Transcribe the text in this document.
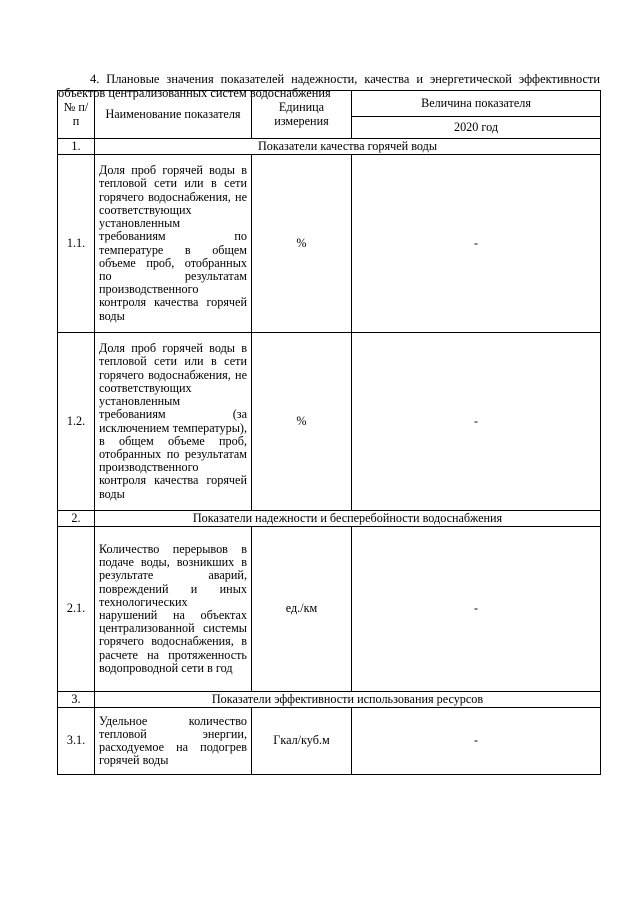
4. Плановые значения показателей надежности, качества и энергетической эффективности объектов централизованных систем водоснабжения

№ п/п	Наименование показателя	Единица измерения	Величина показателя
			2020 год
1.	Показатели качества горячей воды		
1.1.	Доля проб горячей воды в тепловой сети или в сети горячего водоснабжения, не соответствующих установленным требованиям по температуре в общем объеме проб, отобранных по результатам производственного контроля качества горячей воды	%	-
1.2.	Доля проб горячей воды в тепловой сети или в сети горячего водоснабжения, не соответствующих установленным требованиям (за исключением температуры), в общем объеме проб, отобранных по результатам производственного контроля качества горячей воды	%	-
2.	Показатели надежности и бесперебойности водоснабжения		
2.1.	Количество перерывов в подаче воды, возникших в результате аварий, повреждений и иных технологических нарушений на объектах централизованной системы горячего водоснабжения, в расчете на протяженность водопроводной сети в год	ед./км	-
3.	Показатели эффективности использования ресурсов		
3.1.	Удельное количество тепловой энергии, расходуемое на подогрев горячей воды	Гкал/куб.м	-
